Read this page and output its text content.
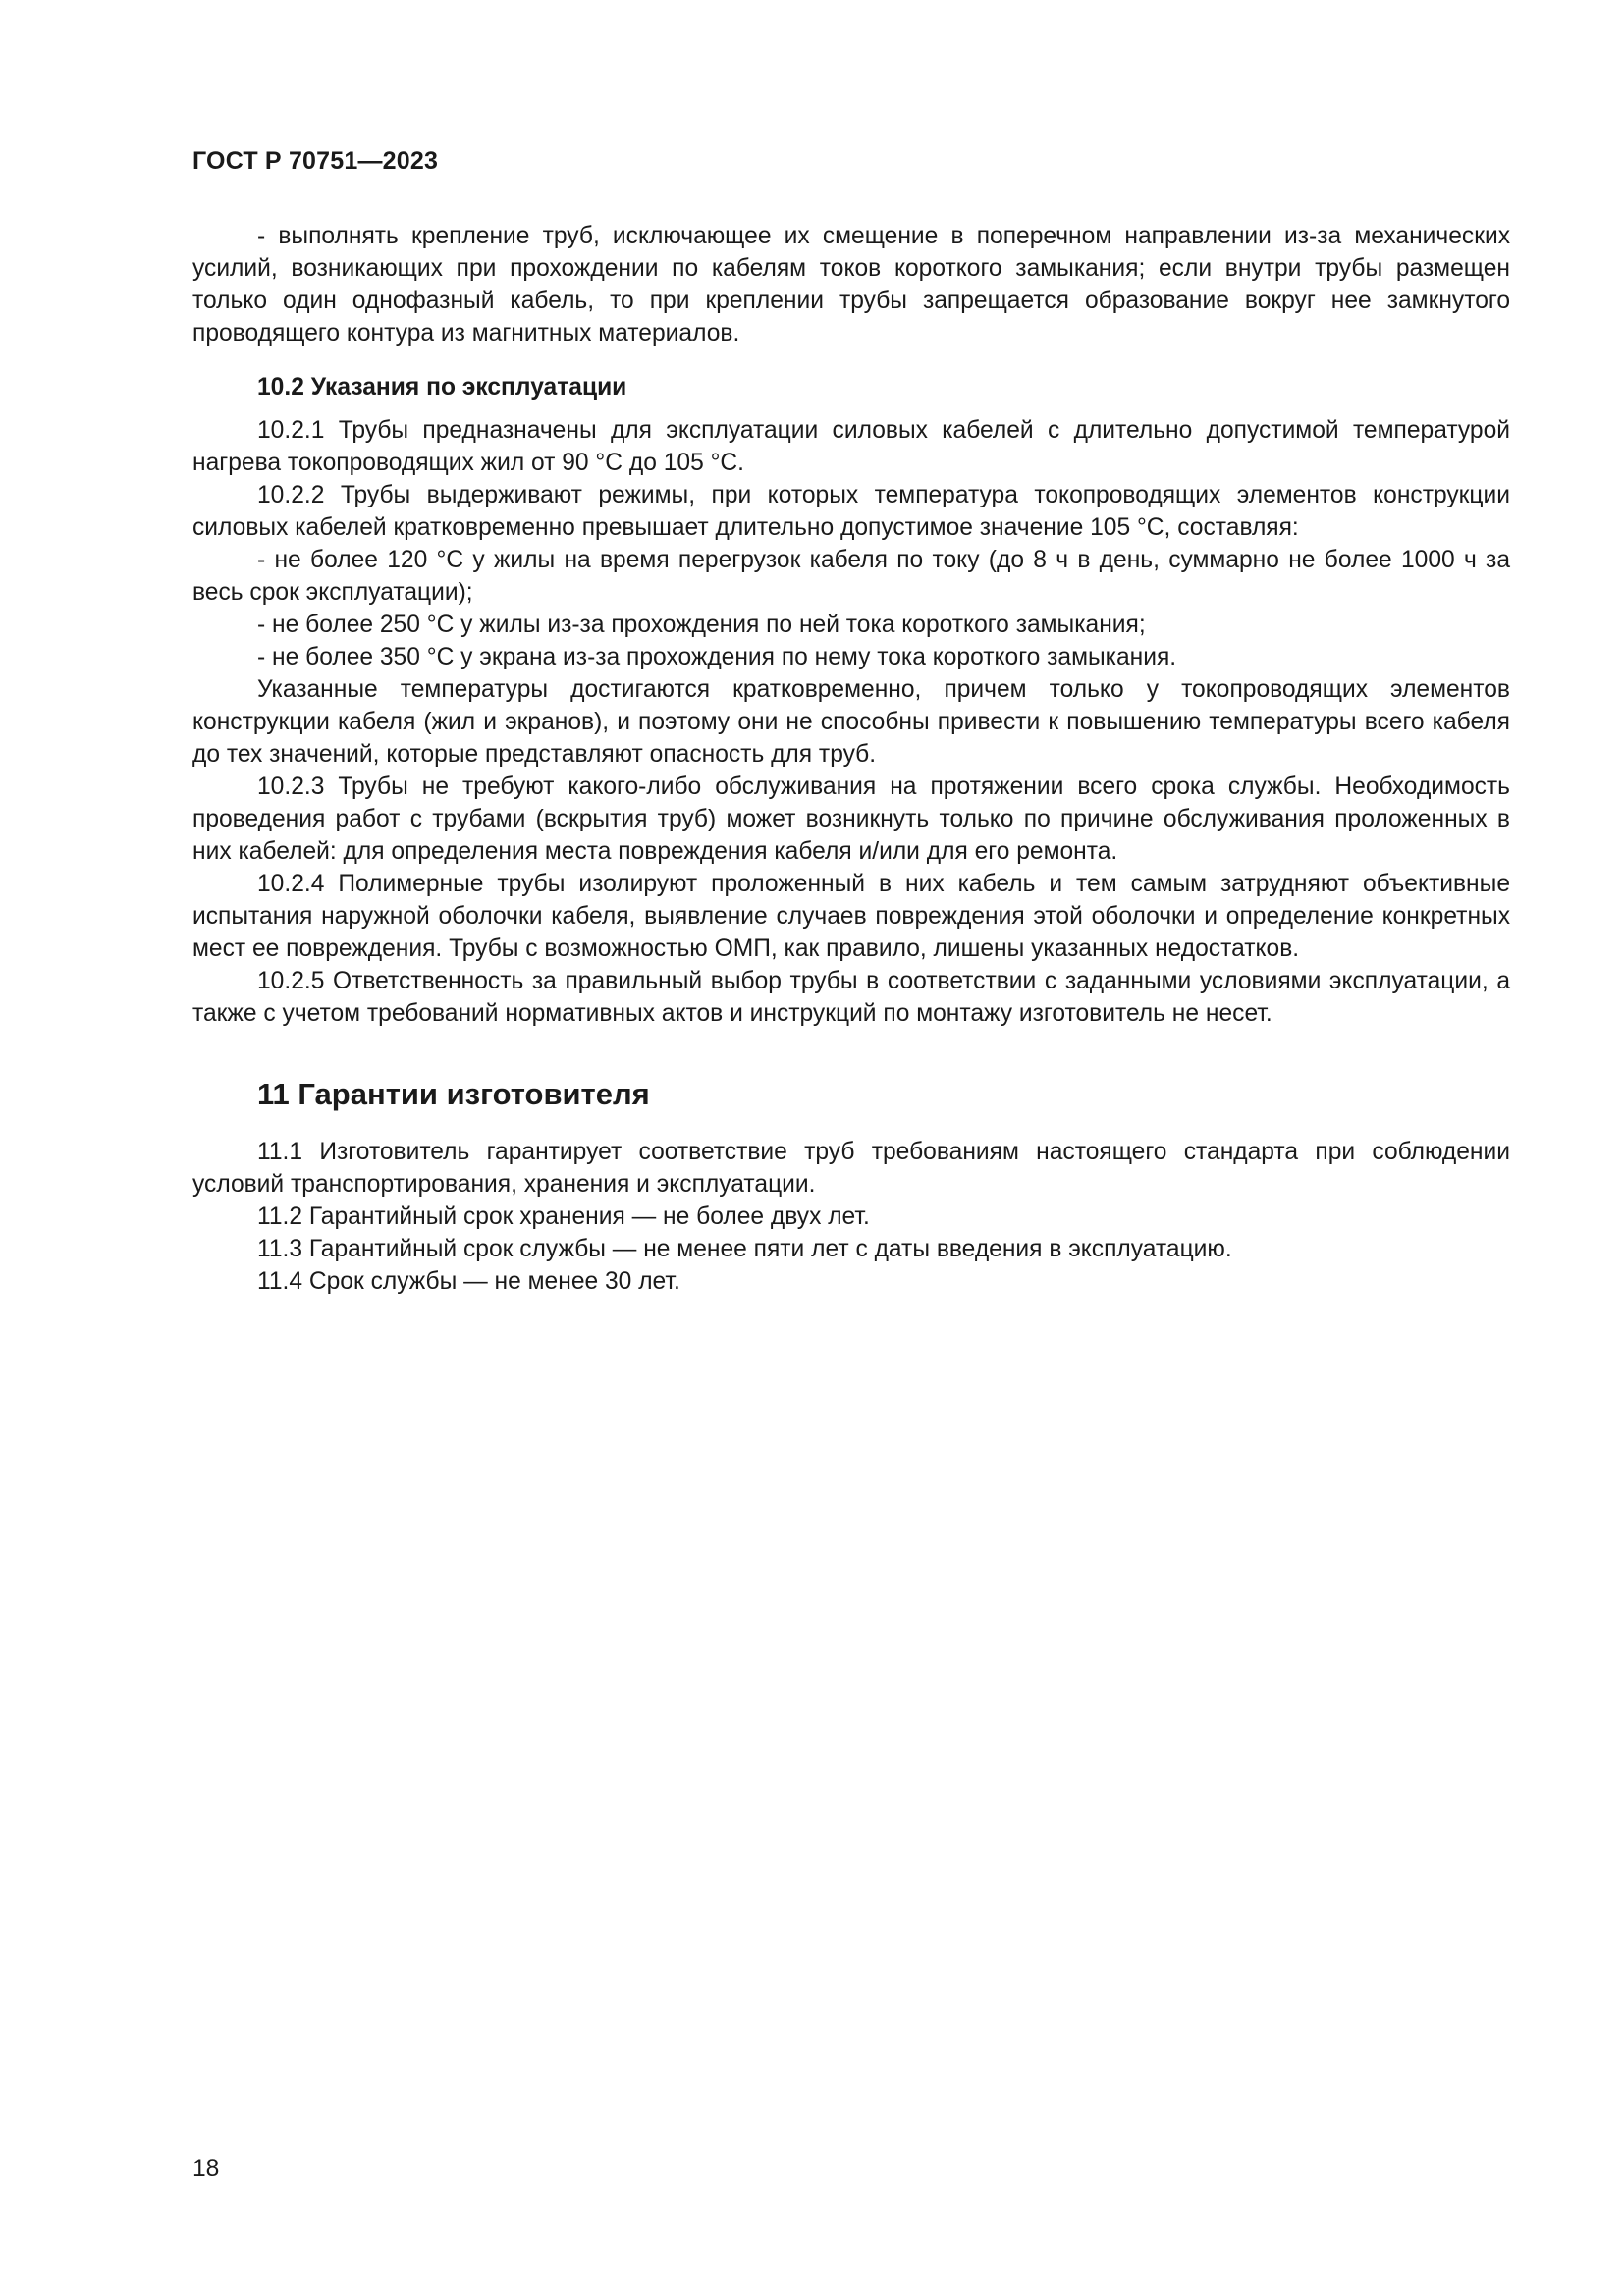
ГОСТ Р 70751—2023

- выполнять крепление труб, исключающее их смещение в поперечном направлении из-за механических усилий, возникающих при прохождении по кабелям токов короткого замыкания; если внутри трубы размещен только один однофазный кабель, то при креплении трубы запрещается образование вокруг нее замкнутого проводящего контура из магнитных материалов.

10.2 Указания по эксплуатации

10.2.1 Трубы предназначены для эксплуатации силовых кабелей с длительно допустимой температурой нагрева токопроводящих жил от 90 °С до 105 °С.

10.2.2 Трубы выдерживают режимы, при которых температура токопроводящих элементов конструкции силовых кабелей кратковременно превышает длительно допустимое значение 105 °С, составляя:

- не более 120 °С у жилы на время перегрузок кабеля по току (до 8 ч в день, суммарно не более 1000 ч за весь срок эксплуатации);

- не более 250 °С у жилы из-за прохождения по ней тока короткого замыкания;

- не более 350 °С у экрана из-за прохождения по нему тока короткого замыкания.

Указанные температуры достигаются кратковременно, причем только у токопроводящих элементов конструкции кабеля (жил и экранов), и поэтому они не способны привести к повышению температуры всего кабеля до тех значений, которые представляют опасность для труб.

10.2.3 Трубы не требуют какого-либо обслуживания на протяжении всего срока службы. Необходимость проведения работ с трубами (вскрытия труб) может возникнуть только по причине обслуживания проложенных в них кабелей: для определения места повреждения кабеля и/или для его ремонта.

10.2.4 Полимерные трубы изолируют проложенный в них кабель и тем самым затрудняют объективные испытания наружной оболочки кабеля, выявление случаев повреждения этой оболочки и определение конкретных мест ее повреждения. Трубы с возможностью ОМП, как правило, лишены указанных недостатков.

10.2.5 Ответственность за правильный выбор трубы в соответствии с заданными условиями эксплуатации, а также с учетом требований нормативных актов и инструкций по монтажу изготовитель не несет.

11 Гарантии изготовителя

11.1 Изготовитель гарантирует соответствие труб требованиям настоящего стандарта при соблюдении условий транспортирования, хранения и эксплуатации.

11.2 Гарантийный срок хранения — не более двух лет.

11.3 Гарантийный срок службы — не менее пяти лет с даты введения в эксплуатацию.

11.4 Срок службы — не менее 30 лет.

18
